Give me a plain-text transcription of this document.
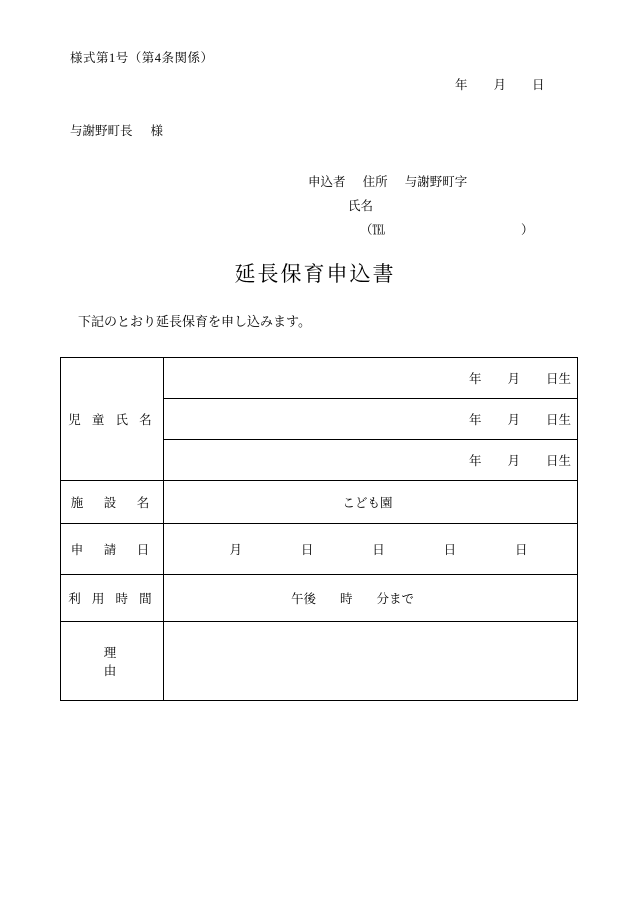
様式第1号（第4条関係）
年 月 日
与謝野町長 様
申込者 住所 与謝野町字
氏名
（℡	）
延長保育申込書
下記のとおり延長保育を申し込みます。
児 童 氏 名	年 月 日生
	年 月 日生
	年 月 日生
施　設　名	こども園
申　請　日	月 日 日 日 日

利 用 時 間	午後 時 分まで
理　　　　由	
